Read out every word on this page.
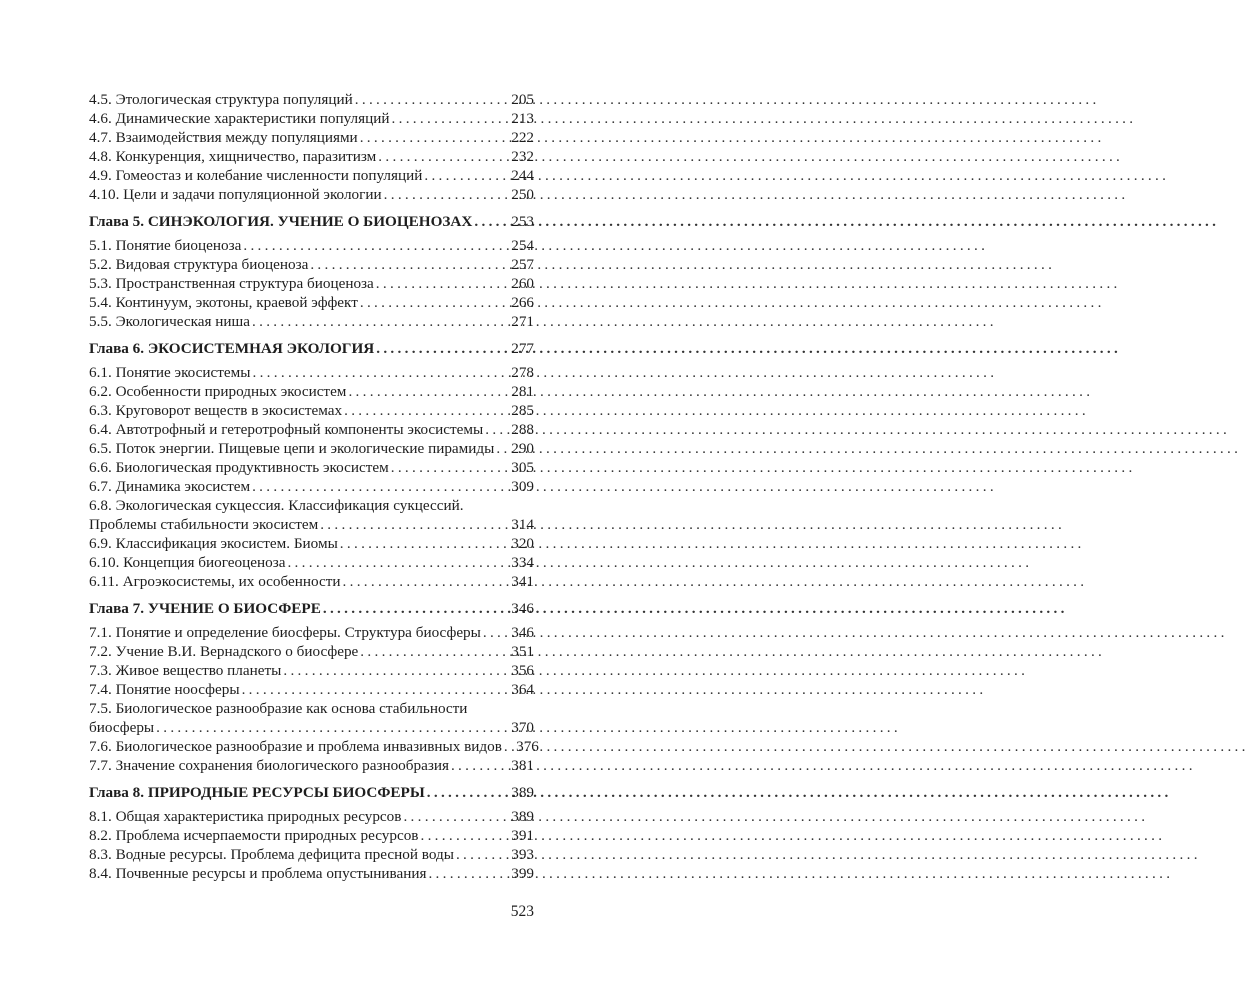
4.5. Этологическая структура популяций . . .	205
4.6. Динамические характеристики популяций . . .	213
4.7. Взаимодействия между популяциями . . .	222
4.8. Конкуренция, хищничество, паразитизм . . .	232
4.9. Гомеостаз и колебание численности популяций . . .	244
4.10. Цели и задачи популяционной экологии . . .	250
Глава 5. СИНЭКОЛОГИЯ. УЧЕНИЕ О БИОЦЕНОЗАХ . . .	253
5.1. Понятие биоценоза . . .	254
5.2. Видовая структура биоценоза . . .	257
5.3. Пространственная структура биоценоза . . .	260
5.4. Континуум, экотоны, краевой эффект . . .	266
5.5. Экологическая ниша . . .	271
Глава 6. ЭКОСИСТЕМНАЯ ЭКОЛОГИЯ . . .	277
6.1. Понятие экосистемы . . .	278
6.2. Особенности природных экосистем . . .	281
6.3. Круговорот веществ в экосистемах . . .	285
6.4. Автотрофный и гетеротрофный компоненты экосистемы . . . 288
6.5. Поток энергии. Пищевые цепи и экологические пирамиды . . . 290
6.6. Биологическая продуктивность экосистем . . .	305
6.7. Динамика экосистем . . .	309
6.8. Экологическая сукцессия. Классификация сукцессий.
Проблемы стабильности экосистем . . .	314
6.9. Классификация экосистем. Биомы . . .	320
6.10. Концепция биогеоценоза . . .	334
6.11. Агроэкосистемы, их особенности . . .	341
Глава 7. УЧЕНИЕ О БИОСФЕРЕ . . .	346
7.1. Понятие и определение биосферы. Структура биосферы . . . 346
7.2. Учение В.И. Вернадского о биосфере . . .	351
7.3. Живое вещество планеты . . .	356
7.4. Понятие ноосферы . . .	364
7.5. Биологическое разнообразие как основа стабильности
биосферы . . .	370
7.6. Биологическое разнообразие и проблема инвазивных видов . . . 376
7.7. Значение сохранения биологического разнообразия . . .	381
Глава 8. ПРИРОДНЫЕ РЕСУРСЫ БИОСФЕРЫ . . .	389
8.1. Общая характеристика природных ресурсов . . .	389
8.2. Проблема исчерпаемости природных ресурсов . . .	391
8.3. Водные ресурсы. Проблема дефицита пресной воды . . .	393
8.4. Почвенные ресурсы и проблема опустынивания . . .	399
523
